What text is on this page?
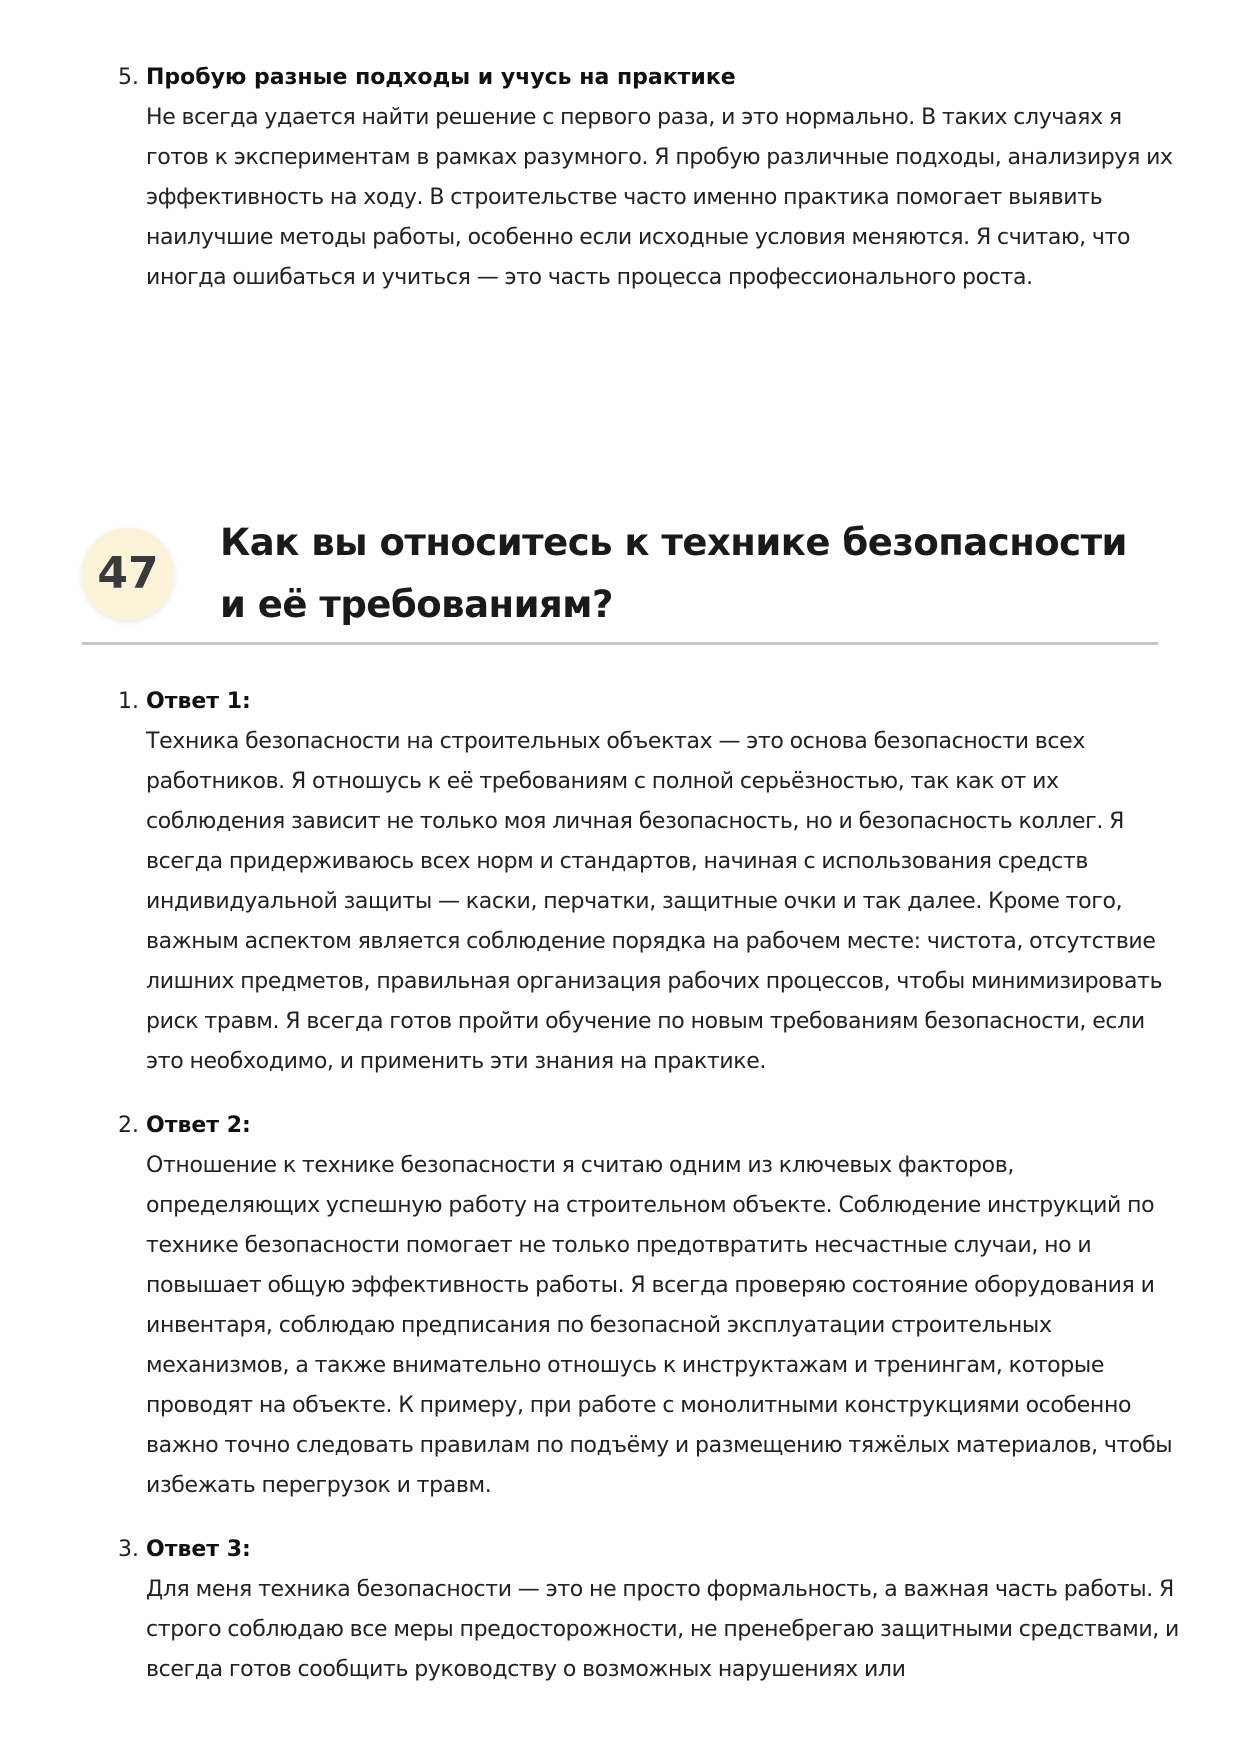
5. Пробую разные подходы и учусь на практике

Не всегда удается найти решение с первого раза, и это нормально. В таких случаях я готов к экспериментам в рамках разумного. Я пробую различные подходы, анализируя их эффективность на ходу. В строительстве часто именно практика помогает выявить наилучшие методы работы, особенно если исходные условия меняются. Я считаю, что иногда ошибаться и учиться — это часть процесса профессионального роста.

47
Как вы относитесь к технике безопасности и её требованиям?
1. Ответ 1:

Техника безопасности на строительных объектах — это основа безопасности всех работников. Я отношусь к её требованиям с полной серьёзностью, так как от их соблюдения зависит не только моя личная безопасность, но и безопасность коллег. Я всегда придерживаюсь всех норм и стандартов, начиная с использования средств индивидуальной защиты — каски, перчатки, защитные очки и так далее. Кроме того, важным аспектом является соблюдение порядка на рабочем месте: чистота, отсутствие лишних предметов, правильная организация рабочих процессов, чтобы минимизировать риск травм. Я всегда готов пройти обучение по новым требованиям безопасности, если это необходимо, и применить эти знания на практике.

2. Ответ 2:

Отношение к технике безопасности я считаю одним из ключевых факторов, определяющих успешную работу на строительном объекте. Соблюдение инструкций по технике безопасности помогает не только предотвратить несчастные случаи, но и повышает общую эффективность работы. Я всегда проверяю состояние оборудования и инвентаря, соблюдаю предписания по безопасной эксплуатации строительных механизмов, а также внимательно отношусь к инструктажам и тренингам, которые проводят на объекте. К примеру, при работе с монолитными конструкциями особенно важно точно следовать правилам по подъёму и размещению тяжёлых материалов, чтобы избежать перегрузок и травм.

3. Ответ 3:

Для меня техника безопасности — это не просто формальность, а важная часть работы. Я строго соблюдаю все меры предосторожности, не пренебрегаю защитными средствами, и всегда готов сообщить руководству о возможных нарушениях или
